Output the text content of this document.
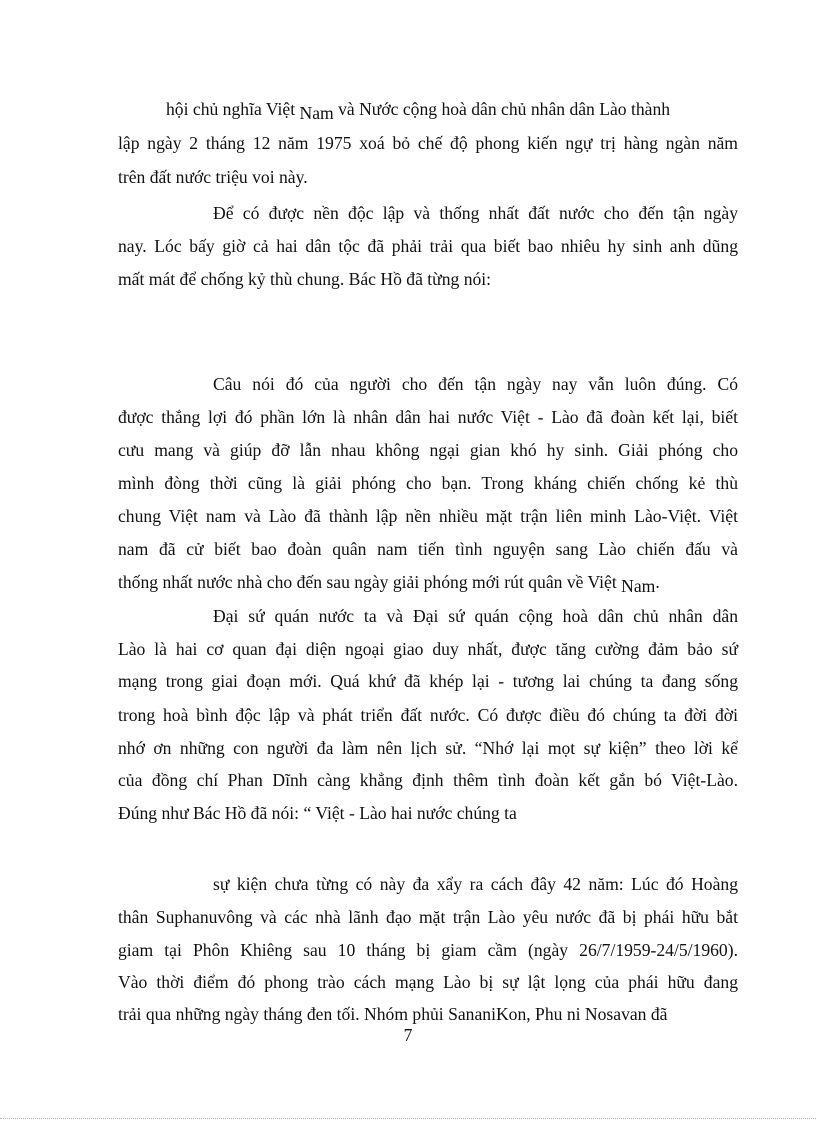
hội chủ nghĩa Việt Nam và Nước cộng hoà dân chủ nhân dân Lào thành
lập ngày 2 tháng 12 năm 1975 xoá bỏ chế độ phong kiến ngự trị hàng ngàn năm
trên đất nước triệu voi này.
Để có được nền độc lập và thống nhất đất nước cho đến tận ngày
nay. Lóc bấy giờ cả hai dân tộc đã phải trải qua biết bao nhiêu hy sinh anh dũng
mất mát để chống kỷ thù chung. Bác Hồ đã từng nói:
Câu nói đó của người cho đến tận ngày nay vẫn luôn đúng. Có
được thắng lợi đó phần lớn là nhân dân hai nước Việt - Lào đã đoàn kết lại, biết
cưu mang và giúp đỡ lẫn nhau không ngại gian khó hy sinh. Giải phóng cho
mình đòng thời cũng là giải phóng cho bạn. Trong kháng chiến chống kẻ thù
chung Việt nam và Lào đã thành lập nền nhiều mặt trận liên minh Lào-Việt. Việt
nam đã cử biết bao đoàn quân nam tiến tình nguyện sang Lào chiến đấu và
thống nhất nước nhà cho đến sau ngày giải phóng mới rút quân về Việt Nam.
Đại sứ quán nước ta và Đại sứ quán cộng hoà dân chủ nhân dân
Lào là hai cơ quan đại diện ngoại giao duy nhất, được tăng cường đảm bảo sứ
mạng trong giai đoạn mới. Quá khứ đã khép lại - tương lai chúng ta đang sống
trong hoà bình độc lập và phát triển đất nước. Có được điều đó chúng ta đời đời
nhớ ơn những con người đa làm nên lịch sử. “Nhớ lại mọt sự kiện” theo lời kể
của đồng chí Phan Dĩnh càng khẳng định thêm tình đoàn kết gắn bó Việt-Lào.
Đúng như Bác Hồ đã nói: “ Việt - Lào hai nước chúng ta
sự kiện chưa từng có này đa xẩy ra cách đây 42 năm: Lúc đó Hoàng
thân Suphanuvông và các nhà lãnh đạo mặt trận Lào yêu nước đã bị phái hữu bắt
giam tại Phôn Khiêng sau 10 tháng bị giam cầm (ngày 26/7/1959-24/5/1960).
Vào thời điểm đó phong trào cách mạng Lào bị sự lật lọng của phái hữu đang
trải qua những ngày tháng đen tối. Nhóm phủi SananiKon, Phu ni Nosavan đã
7
